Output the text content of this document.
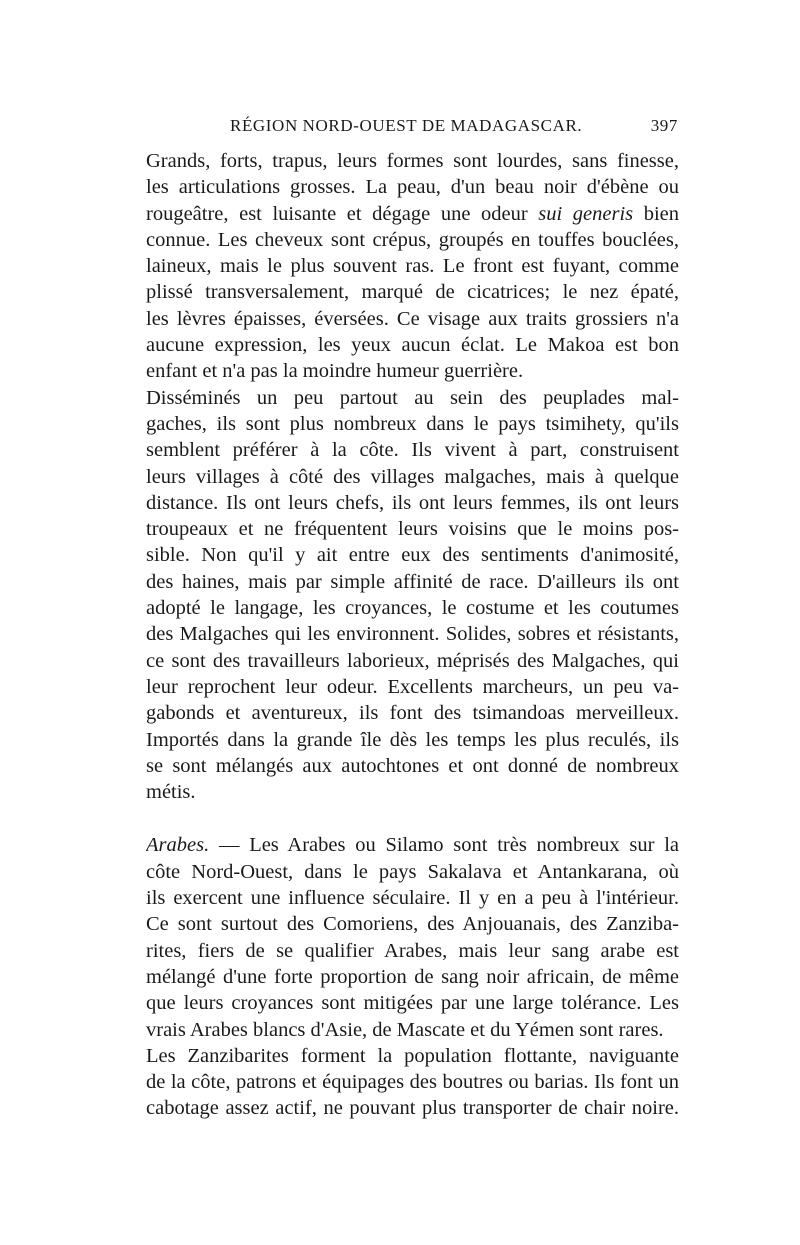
RÉGION NORD-OUEST DE MADAGASCAR.	397
Grands, forts, trapus, leurs formes sont lourdes, sans finesse,
les articulations grosses. La peau, d'un beau noir d'ébène ou
rougeâtre, est luisante et dégage une odeur sui generis bien
connue. Les cheveux sont crépus, groupés en touffes bouclées,
laineux, mais le plus souvent ras. Le front est fuyant, comme
plissé transversalement, marqué de cicatrices; le nez épaté,
les lèvres épaisses, éversées. Ce visage aux traits grossiers n'a
aucune expression, les yeux aucun éclat. Le Makoa est bon
enfant et n'a pas la moindre humeur guerrière.
Disséminés un peu partout au sein des peuplades mal-
gaches, ils sont plus nombreux dans le pays tsimihety, qu'ils
semblent préférer à la côte. Ils vivent à part, construisent
leurs villages à côté des villages malgaches, mais à quelque
distance. Ils ont leurs chefs, ils ont leurs femmes, ils ont leurs
troupeaux et ne fréquentent leurs voisins que le moins pos-
sible. Non qu'il y ait entre eux des sentiments d'animosité,
des haines, mais par simple affinité de race. D'ailleurs ils ont
adopté le langage, les croyances, le costume et les coutumes
des Malgaches qui les environnent. Solides, sobres et résistants,
ce sont des travailleurs laborieux, méprisés des Malgaches, qui
leur reprochent leur odeur. Excellents marcheurs, un peu va-
gabonds et aventureux, ils font des tsimandoas merveilleux.
Importés dans la grande île dès les temps les plus reculés, ils
se sont mélangés aux autochtones et ont donné de nombreux
métis.
Arabes. — Les Arabes ou Silamo sont très nombreux sur la
côte Nord-Ouest, dans le pays Sakalava et Antankarana, où
ils exercent une influence séculaire. Il y en a peu à l'intérieur.
Ce sont surtout des Comoriens, des Anjouanais, des Zanziba-
rites, fiers de se qualifier Arabes, mais leur sang arabe est
mélangé d'une forte proportion de sang noir africain, de même
que leurs croyances sont mitigées par une large tolérance. Les
vrais Arabes blancs d'Asie, de Mascate et du Yémen sont rares.
Les Zanzibarites forment la population flottante, naviguante
de la côte, patrons et équipages des boutres ou barias. Ils font un
cabotage assez actif, ne pouvant plus transporter de chair noire.
